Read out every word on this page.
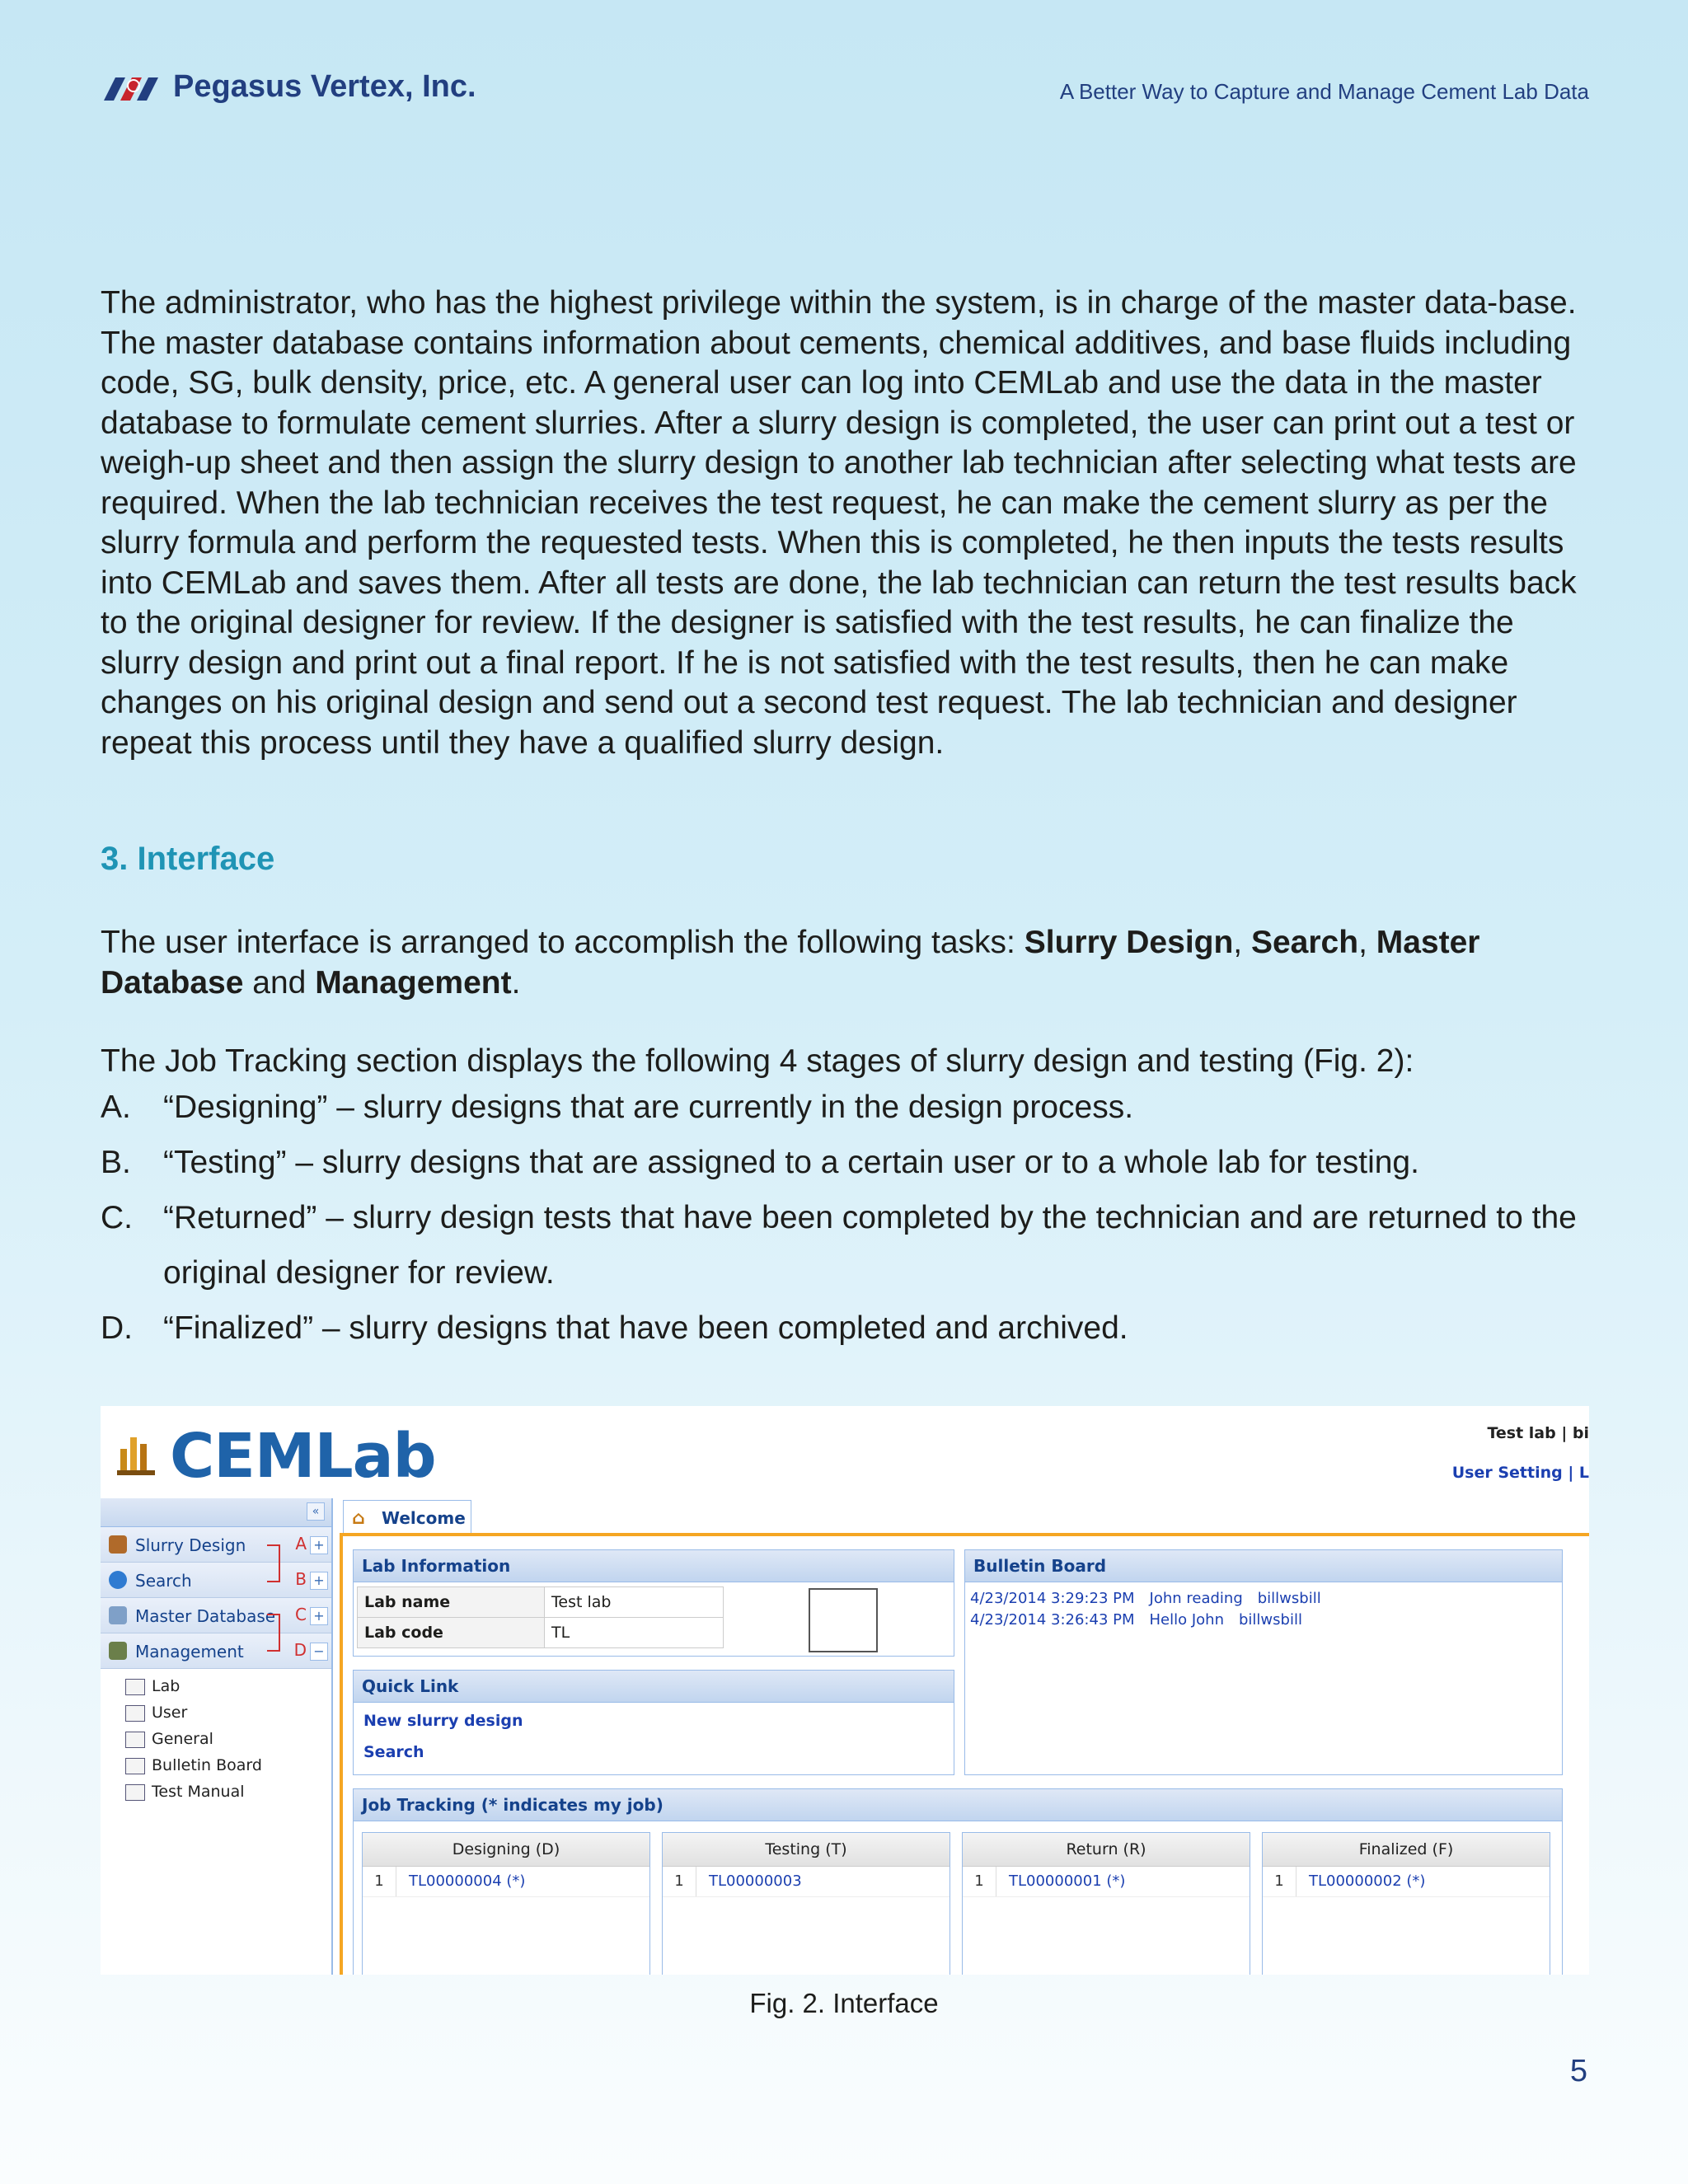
Pegasus Vertex, Inc.	A Better Way to Capture and Manage Cement Lab Data
The administrator, who has the highest privilege within the system, is in charge of the master data-base. The master database contains information about cements, chemical additives, and base fluids including code, SG, bulk density, price, etc. A general user can log into CEMLab and use the data in the master database to formulate cement slurries. After a slurry design is completed, the user can print out a test or weigh-up sheet and then assign the slurry design to another lab technician after selecting what tests are required. When the lab technician receives the test request, he can make the cement slurry as per the slurry formula and perform the requested tests. When this is completed, he then inputs the tests results into CEMLab and saves them. After all tests are done, the lab technician can return the test results back to the original designer for review. If the designer is satisfied with the test results, he can finalize the slurry design and print out a final report. If he is not satisfied with the test results, then he can make changes on his original design and send out a second test request. The lab technician and designer repeat this process until they have a qualified slurry design.
3. Interface
The user interface is arranged to accomplish the following tasks: Slurry Design, Search, Master Database and Management.
The Job Tracking section displays the following 4 stages of slurry design and testing (Fig. 2):
A. “Designing” – slurry designs that are currently in the design process.
B. “Testing” – slurry designs that are assigned to a certain user or to a whole lab for testing.
C. “Returned” – slurry design tests that have been completed by the technician and are returned to the original designer for review.
D. “Finalized” – slurry designs that have been completed and archived.
CEMLab	Test lab | bi
User Setting | L
«
Slurry Design	A +
Search	B +
Master Database C +
Management	D −
Lab
User
General
Bulletin Board
Test Manual
⌂ Welcome
Lab Information
Lab name	Test lab
Lab code	TL
Quick Link
New slurry design
Search
Bulletin Board
4/23/2014 3:29:23 PM John reading billwsbill
4/23/2014 3:26:43 PM Hello John billwsbill
Job Tracking (* indicates my job)
Designing (D)
1	TL00000004 (*)
Testing (T)
1	TL00000003
Return (R)
1	TL00000001 (*)
Finalized (F)
1	TL00000002 (*)
Fig. 2. Interface
5
